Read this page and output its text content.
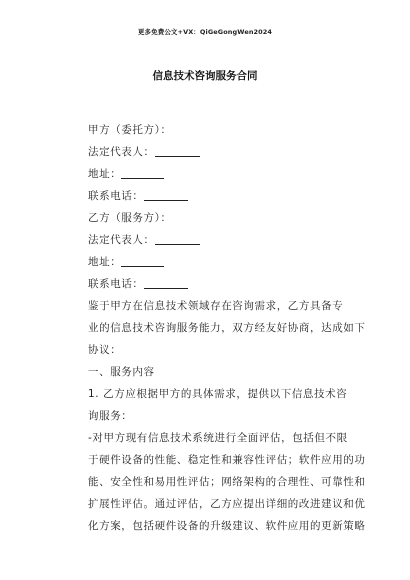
更多免费公文+VX：QiGeGongWen2024
信息技术咨询服务合同
甲方（委托方）：
法定代表人：
地址：
联系电话：
乙方（服务方）：
法定代表人：
地址：
联系电话：
鉴于甲方在信息技术领域存在咨询需求，乙方具备专
业的信息技术咨询服务能力，双方经友好协商，达成如下
协议：
一、服务内容
1. 乙方应根据甲方的具体需求，提供以下信息技术咨
询服务：
-对甲方现有信息技术系统进行全面评估，包括但不限
于硬件设备的性能、稳定性和兼容性评估；软件应用的功
能、安全性和易用性评估；网络架构的合理性、可靠性和
扩展性评估。通过评估，乙方应提出详细的改进建议和优
化方案，包括硬件设备的升级建议、软件应用的更新策略
